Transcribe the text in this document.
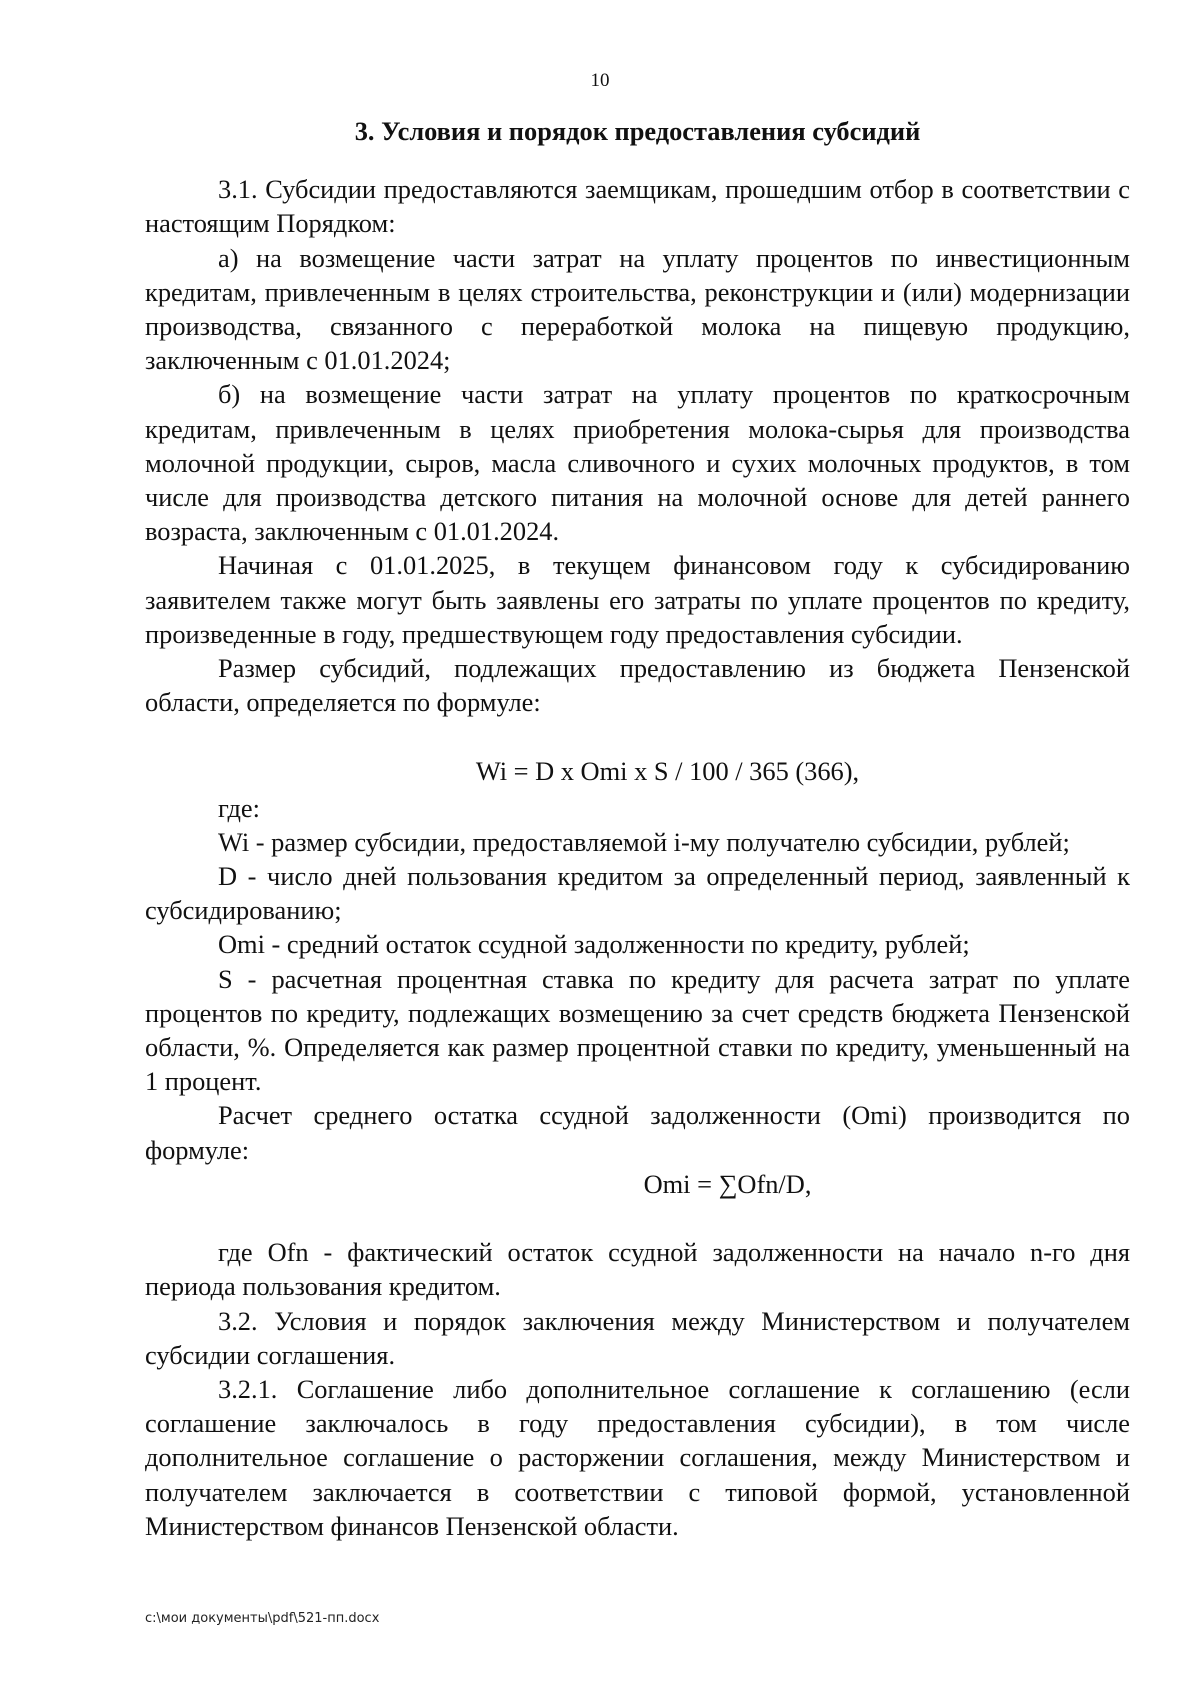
10
3. Условия и порядок предоставления субсидий

3.1. Субсидии предоставляются заемщикам, прошедшим отбор в соответствии с настоящим Порядком:

а) на возмещение части затрат на уплату процентов по инвестиционным кредитам, привлеченным в целях строительства, реконструкции и (или) модернизации производства, связанного с переработкой молока на пищевую продукцию, заключенным с 01.01.2024;

б) на возмещение части затрат на уплату процентов по краткосрочным кредитам, привлеченным в целях приобретения молока-сырья для производства молочной продукции, сыров, масла сливочного и сухих молочных продуктов, в том числе для производства детского питания на молочной основе для детей раннего возраста, заключенным с 01.01.2024.

Начиная с 01.01.2025, в текущем финансовом году к субсидированию заявителем также могут быть заявлены его затраты по уплате процентов по кредиту, произведенные в году, предшествующем году предоставления субсидии.

Размер субсидий, подлежащих предоставлению из бюджета Пензенской области, определяется по формуле:

Wi = D x Omi x S / 100 / 365 (366),

где:

Wi - размер субсидии, предоставляемой i-му получателю субсидии, рублей;

D - число дней пользования кредитом за определенный период, заявленный к субсидированию;

Omi - средний остаток ссудной задолженности по кредиту, рублей;

S - расчетная процентная ставка по кредиту для расчета затрат по уплате процентов по кредиту, подлежащих возмещению за счет средств бюджета Пензенской области, %. Определяется как размер процентной ставки по кредиту, уменьшенный на 1 процент.

Расчет среднего остатка ссудной задолженности (Omi) производится по формуле:

Omi = ∑Ofn/D,

где Ofn - фактический остаток ссудной задолженности на начало n-го дня периода пользования кредитом.

3.2. Условия и порядок заключения между Министерством и получателем субсидии соглашения.

3.2.1. Соглашение либо дополнительное соглашение к соглашению (если соглашение заключалось в году предоставления субсидии), в том числе дополнительное соглашение о расторжении соглашения, между Министерством и получателем заключается в соответствии с типовой формой, установленной Министерством финансов Пензенской области.

c:\мои документы\pdf\521-пп.docx
